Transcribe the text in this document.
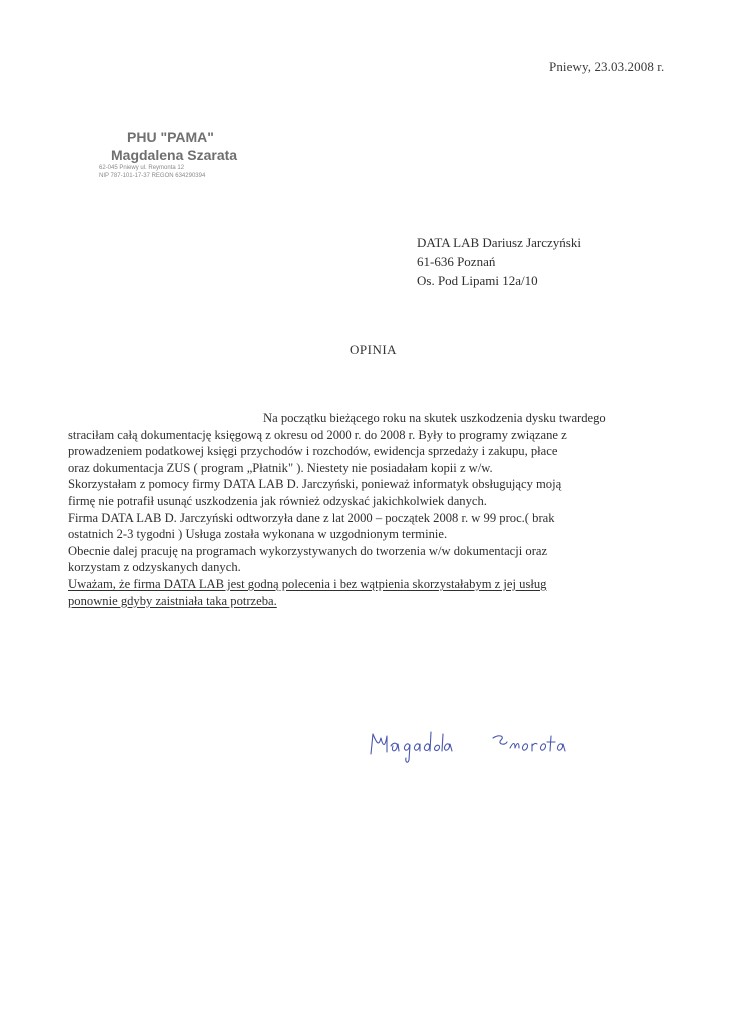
Pniewy, 23.03.2008 r.
PHU "PAMA"
Magdalena Szarata
62-045 Pniewy ul. Reymonta 12
NIP 787-101-17-37 REGON 634290394
DATA LAB Dariusz Jarczyński
61-636 Poznań
Os. Pod Lipami 12a/10
OPINIA
Na początku bieżącego roku na skutek uszkodzenia dysku twardego
straciłam całą dokumentację księgową z okresu od 2000 r. do 2008 r. Były to programy związane z
prowadzeniem podatkowej księgi przychodów i rozchodów, ewidencja sprzedaży i zakupu, płace
oraz dokumentacja ZUS ( program „Płatnik" ). Niestety nie posiadałam kopii z w/w.
Skorzystałam z pomocy firmy DATA LAB D. Jarczyński, ponieważ informatyk obsługujący moją
firmę nie potrafił usunąć uszkodzenia jak również odzyskać jakichkolwiek danych.
Firma DATA LAB D. Jarczyński odtworzyła dane z lat 2000 – początek 2008 r. w 99 proc.( brak
ostatnich 2-3 tygodni ) Usługa została wykonana w uzgodnionym terminie.
Obecnie dalej pracuję na programach wykorzystywanych do tworzenia w/w dokumentacji oraz
korzystam z odzyskanych danych.
Uważam, że firma DATA LAB jest godną polecenia i bez wątpienia skorzystałabym z jej usług
ponownie gdyby zaistniała taka potrzeba.
